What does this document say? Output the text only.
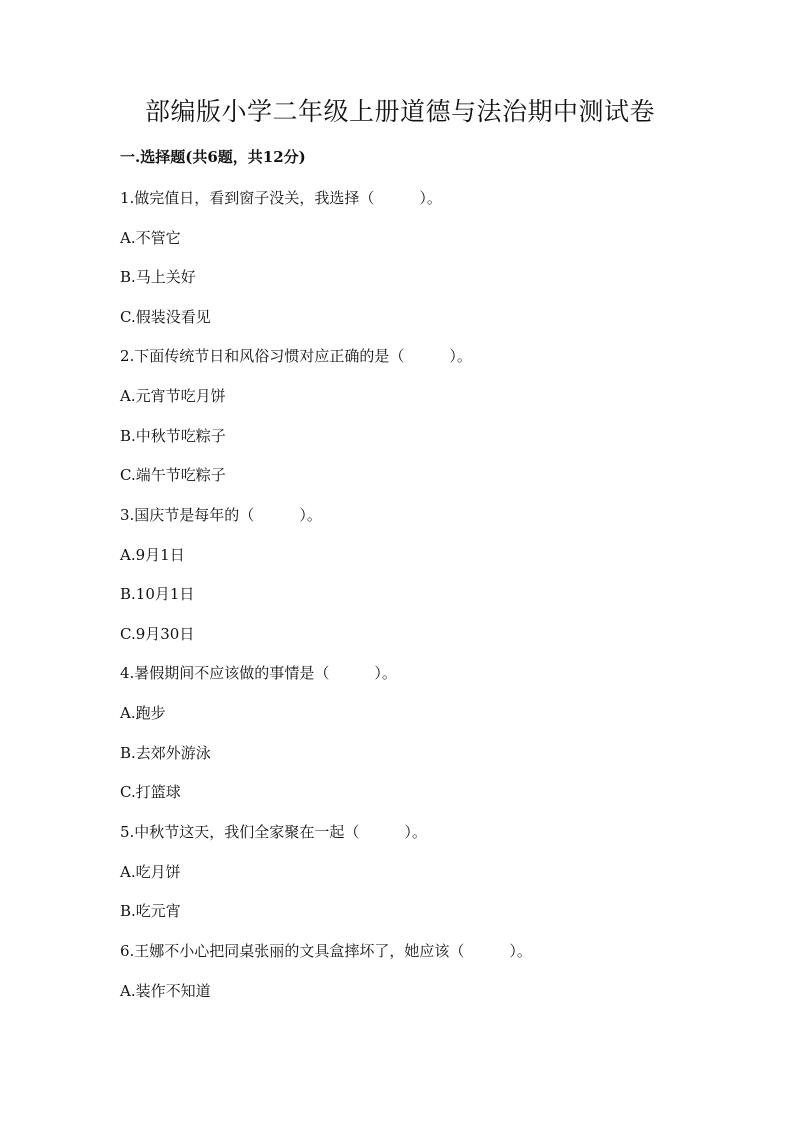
部编版小学二年级上册道德与法治期中测试卷
一.选择题(共6题，共12分)
1.做完值日，看到窗子没关，我选择（　　　）。
A.不管它
B.马上关好
C.假装没看见
2.下面传统节日和风俗习惯对应正确的是（　　　）。
A.元宵节吃月饼
B.中秋节吃粽子
C.端午节吃粽子
3.国庆节是每年的（　　　）。
A.9月1日
B.10月1日
C.9月30日
4.暑假期间不应该做的事情是（　　　）。
A.跑步
B.去郊外游泳
C.打篮球
5.中秋节这天，我们全家聚在一起（　　　）。
A.吃月饼
B.吃元宵
6.王娜不小心把同桌张丽的文具盒摔坏了，她应该（　　　）。
A.装作不知道
